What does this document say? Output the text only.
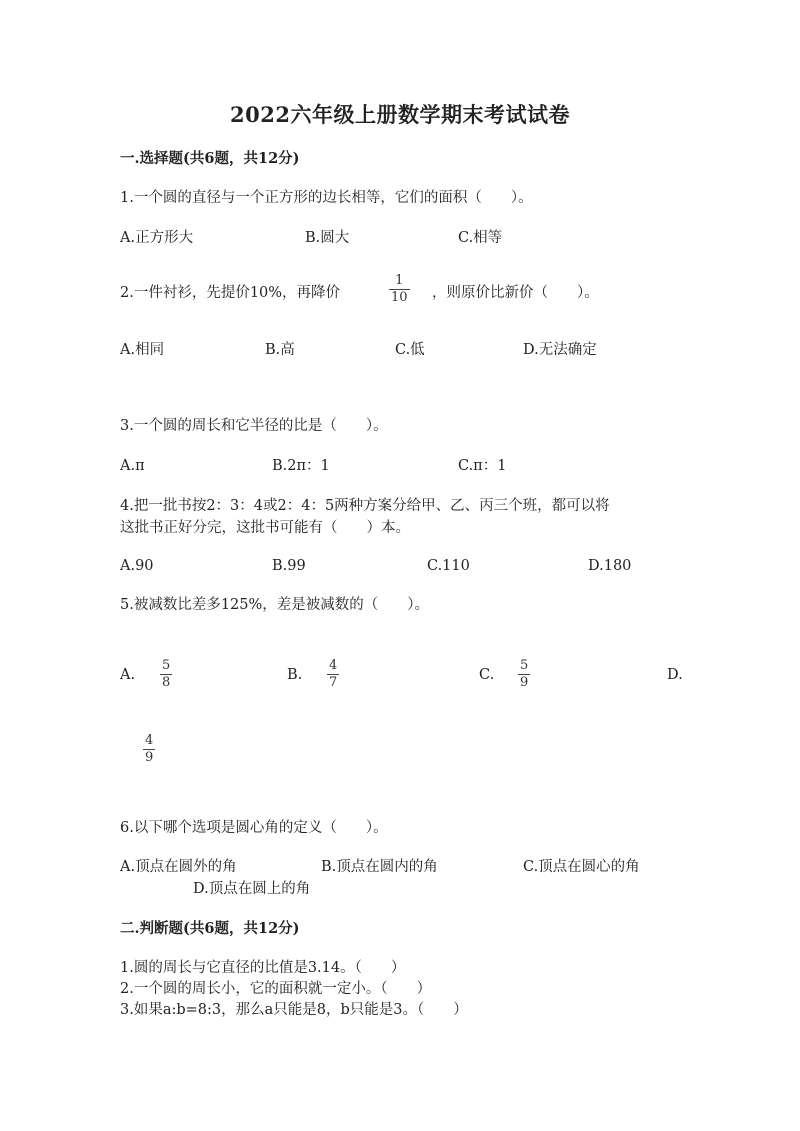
2022六年级上册数学期末考试试卷
一.选择题(共6题，共12分)
1.一个圆的直径与一个正方形的边长相等，它们的面积（　　）。
A.正方形大	B.圆大	C.相等
2.一件衬衫，先提价10%，再降价
1
10 ，则原价比新价（　　）。
A.相同	B.高	C.低	D.无法确定
3.一个圆的周长和它半径的比是（　　）。
A.π	B.2π：1	C.π：1
4.把一批书按2：3：4或2：4：5两种方案分给甲、乙、丙三个班，都可以将
这批书正好分完，这批书可能有（　　）本。
A.90	B.99	C.110	D.180
5.被减数比差多125%，差是被减数的（　　）。
A.
5
8	B.
4
7	C.
5
9	D.
4
9
6.以下哪个选项是圆心角的定义（　　）。
A.顶点在圆外的角	B.顶点在圆内的角	C.顶点在圆心的角
D.顶点在圆上的角
二.判断题(共6题，共12分)
1.圆的周长与它直径的比值是3.14。（　　）
2.一个圆的周长小，它的面积就一定小。（　　）
3.如果a:b=8:3，那么a只能是8，b只能是3。（　　）
